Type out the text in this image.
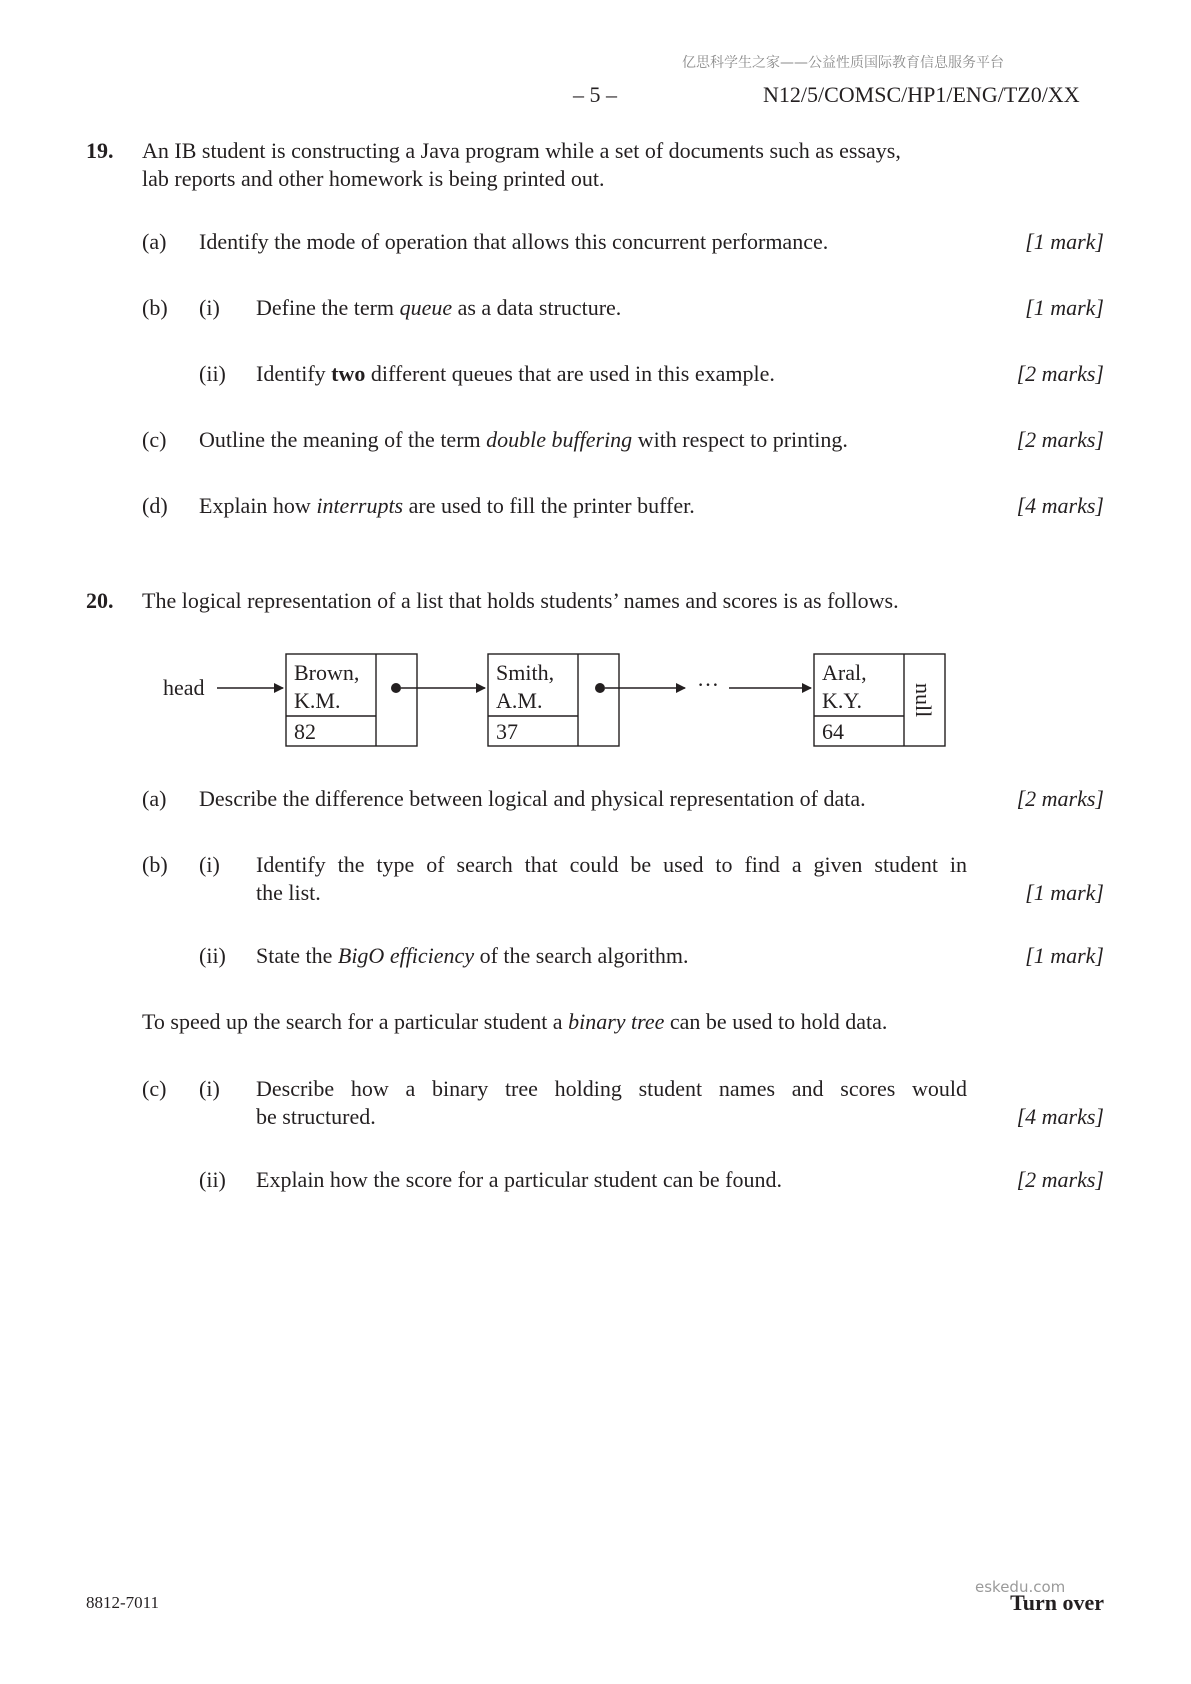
亿思科学生之家——公益性质国际教育信息服务平台
– 5 –	N12/5/COMSC/HP1/ENG/TZ0/XX
19. An IB student is constructing a Java program while a set of documents such as essays,
lab reports and other homework is being printed out.
(a) Identify the mode of operation that allows this concurrent performance.	[1 mark]
(b) (i) Define the term queue as a data structure.	[1 mark]
(ii) Identify two different queues that are used in this example.	[2 marks]
(c) Outline the meaning of the term double buffering with respect to printing.	[2 marks]
(d) Explain how interrupts are used to fill the printer buffer.	[4 marks]
20. The logical representation of a list that holds students’ names and scores is as follows.
head
Brown,
K.M.
82
Smith,
A.M.
37
…	Aral,
K.Y.
64
null
(a) Describe the difference between logical and physical representation of data.	[2 marks]
(b) (i) Identify the type of search that could be used to find a given student in
the list.	[1 mark]
(ii) State the BigO efficiency of the search algorithm.	[1 mark]
To speed up the search for a particular student a binary tree can be used to hold data.
(c) (i) Describe how a binary tree holding student names and scores would
be structured.	[4 marks]
(ii) Explain how the score for a particular student can be found.	[2 marks]
8812-7011
eskedu.com
Turn over
